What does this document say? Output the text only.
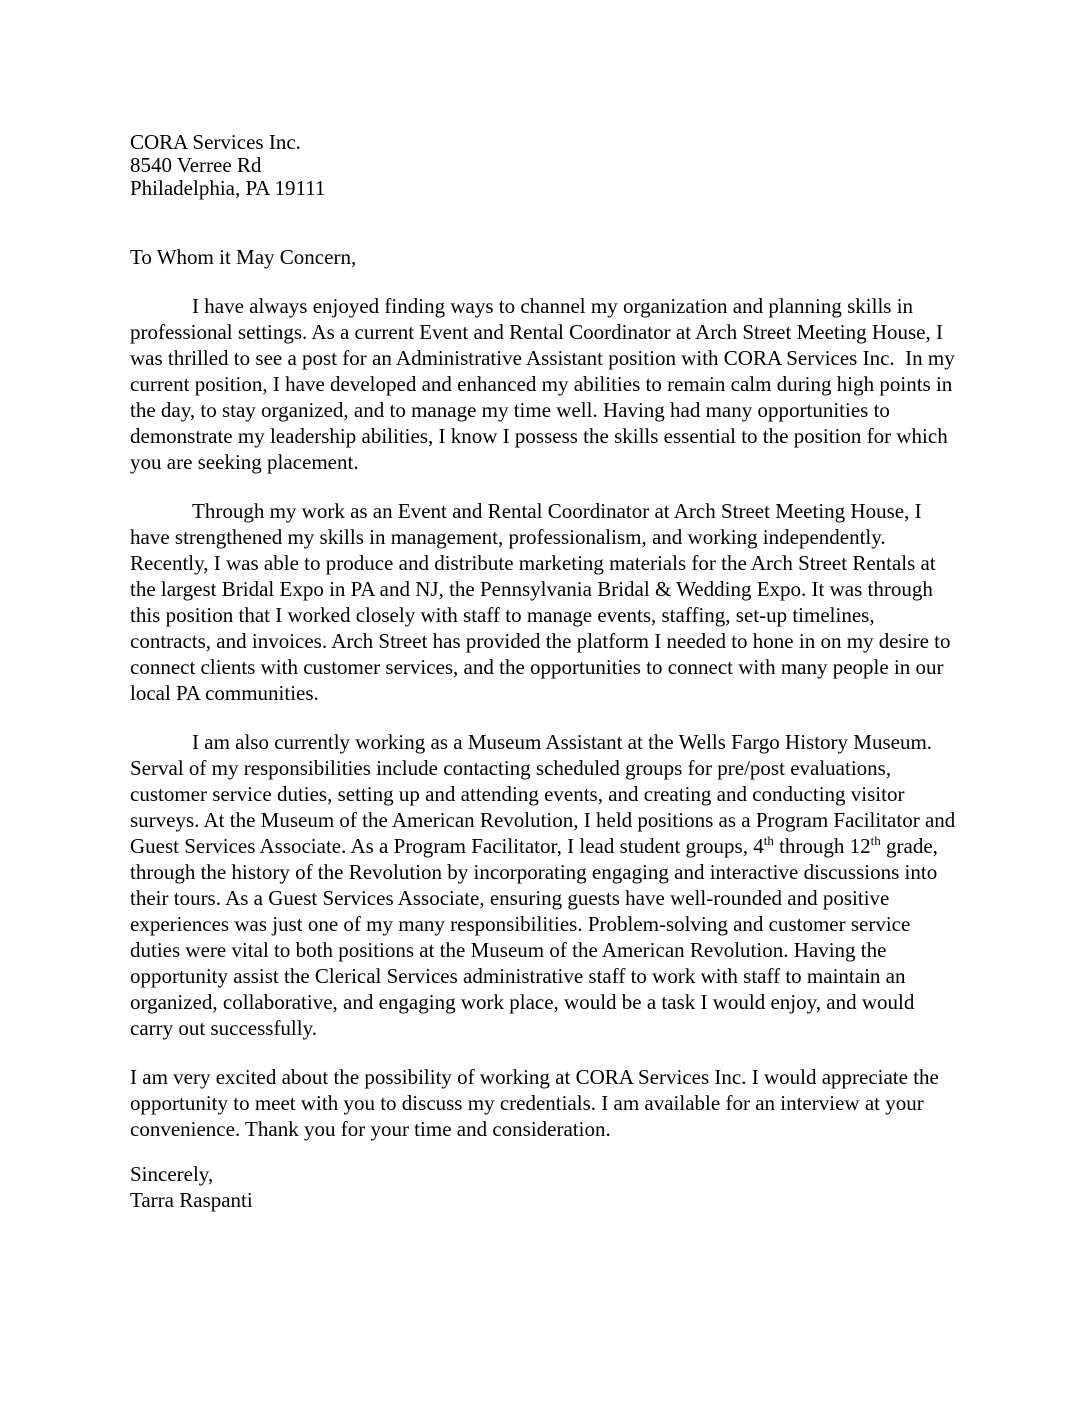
CORA Services Inc.

8540 Verree Rd

Philadelphia, PA 19111

To Whom it May Concern,

I have always enjoyed finding ways to channel my organization and planning skills in professional settings. As a current Event and Rental Coordinator at Arch Street Meeting House, I was thrilled to see a post for an Administrative Assistant position with CORA Services Inc.  In my current position, I have developed and enhanced my abilities to remain calm during high points in the day, to stay organized, and to manage my time well. Having had many opportunities to demonstrate my leadership abilities, I know I possess the skills essential to the position for which you are seeking placement.

Through my work as an Event and Rental Coordinator at Arch Street Meeting House, I have strengthened my skills in management, professionalism, and working independently. Recently, I was able to produce and distribute marketing materials for the Arch Street Rentals at the largest Bridal Expo in PA and NJ, the Pennsylvania Bridal & Wedding Expo. It was through this position that I worked closely with staff to manage events, staffing, set-up timelines, contracts, and invoices. Arch Street has provided the platform I needed to hone in on my desire to connect clients with customer services, and the opportunities to connect with many people in our local PA communities.

I am also currently working as a Museum Assistant at the Wells Fargo History Museum. Serval of my responsibilities include contacting scheduled groups for pre/post evaluations, customer service duties, setting up and attending events, and creating and conducting visitor surveys. At the Museum of the American Revolution, I held positions as a Program Facilitator and Guest Services Associate. As a Program Facilitator, I lead student groups, 4th through 12th grade, through the history of the Revolution by incorporating engaging and interactive discussions into their tours. As a Guest Services Associate, ensuring guests have well-rounded and positive experiences was just one of my many responsibilities. Problem-solving and customer service duties were vital to both positions at the Museum of the American Revolution. Having the opportunity assist the Clerical Services administrative staff to work with staff to maintain an organized, collaborative, and engaging work place, would be a task I would enjoy, and would carry out successfully.

I am very excited about the possibility of working at CORA Services Inc. I would appreciate the opportunity to meet with you to discuss my credentials. I am available for an interview at your convenience. Thank you for your time and consideration.

Sincerely,

Tarra Raspanti
